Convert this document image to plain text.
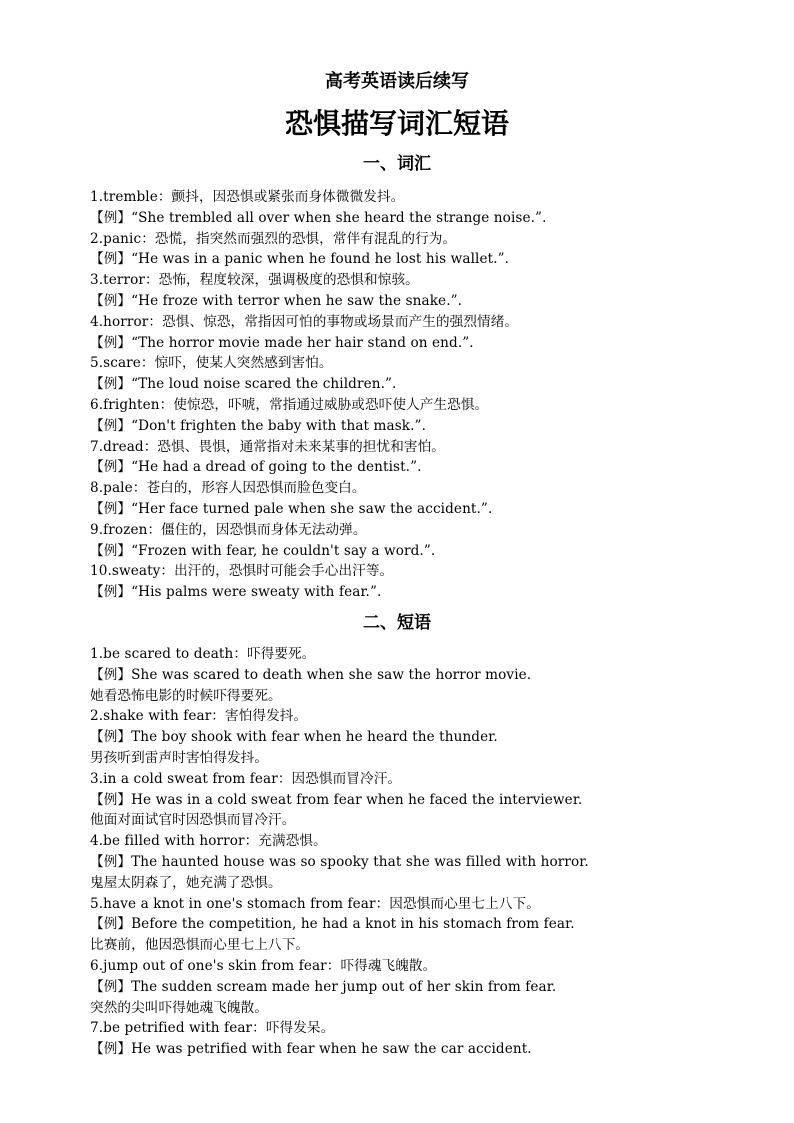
高考英语读后续写
恐惧描写词汇短语
一、词汇
1.tremble：颤抖，因恐惧或紧张而身体微微发抖。
【例】“She trembled all over when she heard the strange noise.”.
2.panic：恐慌，指突然而强烈的恐惧，常伴有混乱的行为。
【例】“He was in a panic when he found he lost his wallet.”.
3.terror：恐怖，程度较深，强调极度的恐惧和惊骇。
【例】“He froze with terror when he saw the snake.”.
4.horror：恐惧、惊恐，常指因可怕的事物或场景而产生的强烈情绪。
【例】“The horror movie made her hair stand on end.”.
5.scare：惊吓，使某人突然感到害怕。
【例】“The loud noise scared the children.”.
6.frighten：使惊恐，吓唬，常指通过威胁或恐吓使人产生恐惧。
【例】“Don't frighten the baby with that mask.”.
7.dread：恐惧、畏惧，通常指对未来某事的担忧和害怕。
【例】“He had a dread of going to the dentist.”.
8.pale：苍白的，形容人因恐惧而脸色变白。
【例】“Her face turned pale when she saw the accident.”.
9.frozen：僵住的，因恐惧而身体无法动弹。
【例】“Frozen with fear, he couldn't say a word.”.
10.sweaty：出汗的，恐惧时可能会手心出汗等。
【例】“His palms were sweaty with fear.”.
二、短语
1.be scared to death：吓得要死。
【例】She was scared to death when she saw the horror movie.
她看恐怖电影的时候吓得要死。
2.shake with fear：害怕得发抖。
【例】The boy shook with fear when he heard the thunder.
男孩听到雷声时害怕得发抖。
3.in a cold sweat from fear：因恐惧而冒冷汗。
【例】He was in a cold sweat from fear when he faced the interviewer.
他面对面试官时因恐惧而冒冷汗。
4.be filled with horror：充满恐惧。
【例】The haunted house was so spooky that she was filled with horror.
鬼屋太阴森了，她充满了恐惧。
5.have a knot in one's stomach from fear：因恐惧而心里七上八下。
【例】Before the competition, he had a knot in his stomach from fear.
比赛前，他因恐惧而心里七上八下。
6.jump out of one's skin from fear：吓得魂飞魄散。
【例】The sudden scream made her jump out of her skin from fear.
突然的尖叫吓得她魂飞魄散。
7.be petrified with fear：吓得发呆。
【例】He was petrified with fear when he saw the car accident.
